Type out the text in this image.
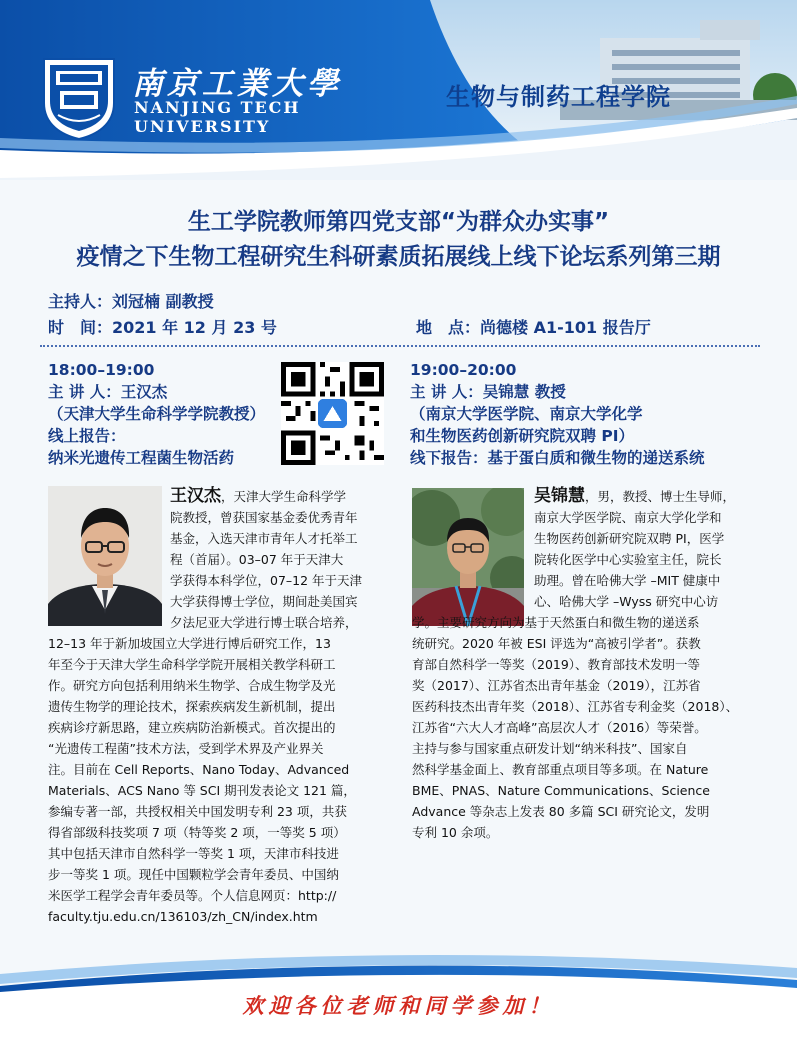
南京工業大學
NANJING TECH
UNIVERSITY
生物与制药工程学院
生工学院教师第四党支部“为群众办实事”
疫情之下生物工程研究生科研素质拓展线上线下论坛系列第三期
主持人：刘冠楠 副教授
时　间：2021 年 12 月 23 号	地　点：尚德楼 A1-101 报告厅
18:00–19:00
主 讲 人：王汉杰
（天津大学生命科学学院教授）
线上报告：
纳米光遗传工程菌生物活药
19:00–20:00
主 讲 人：吴锦慧 教授
（南京大学医学院、南京大学化学
和生物医药创新研究院双聘 PI）
线下报告：基于蛋白质和微生物的递送系统
王汉杰，天津大学生命科学学
院教授，曾获国家基金委优秀青年
基金，入选天津市青年人才托举工
程（首届）。03–07 年于天津大
学获得本科学位，07–12 年于天津
大学获得博士学位，期间赴美国宾
夕法尼亚大学进行博士联合培养，
12–13 年于新加坡国立大学进行博后研究工作，13
年至今于天津大学生命科学学院开展相关教学科研工
作。研究方向包括利用纳米生物学、合成生物学及光
遗传生物学的理论技术，探索疾病发生新机制，提出
疾病诊疗新思路，建立疾病防治新模式。首次提出的
“光遗传工程菌”技术方法，受到学术界及产业界关
注。目前在 Cell Reports、Nano Today、Advanced
Materials、ACS Nano 等 SCI 期刊发表论文 121 篇，
参编专著一部，共授权相关中国发明专利 23 项，共获
得省部级科技奖项 7 项（特等奖 2 项，一等奖 5 项）
其中包括天津市自然科学一等奖 1 项，天津市科技进
步一等奖 1 项。现任中国颗粒学会青年委员、中国纳
米医学工程学会青年委员等。个人信息网页：http://
faculty.tju.edu.cn/136103/zh_CN/index.htm
吴锦慧，男，教授、博士生导师，
南京大学医学院、南京大学化学和
生物医药创新研究院双聘 PI，医学
院转化医学中心实验室主任，院长
助理。曾在哈佛大学 –MIT 健康中
心、哈佛大学 –Wyss 研究中心访
学。主要研究方向为基于天然蛋白和微生物的递送系
统研究。2020 年被 ESI 评选为“高被引学者”。获教
育部自然科学一等奖（2019）、教育部技术发明一等
奖（2017）、江苏省杰出青年基金（2019），江苏省
医药科技杰出青年奖（2018）、江苏省专利金奖（2018）、
江苏省“六大人才高峰”高层次人才（2016）等荣誉。
主持与参与国家重点研发计划“纳米科技”、国家自
然科学基金面上、教育部重点项目等多项。在 Nature
BME、PNAS、Nature Communications、Science
Advance 等杂志上发表 80 多篇 SCI 研究论文，发明
专利 10 余项。
欢迎各位老师和同学参加！
